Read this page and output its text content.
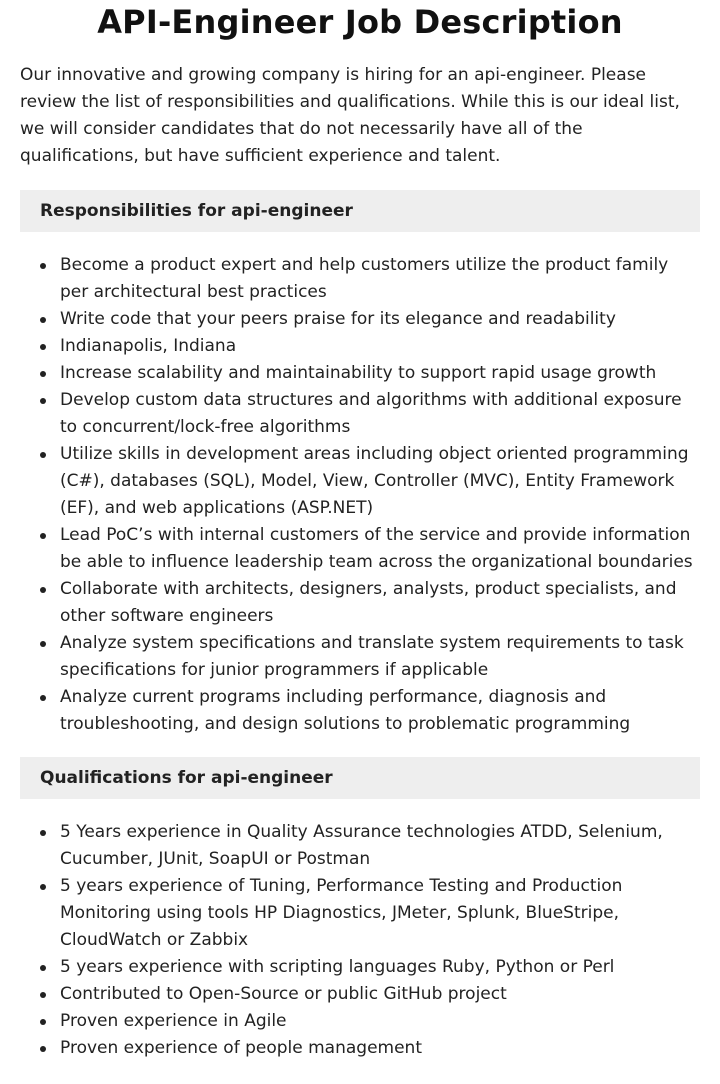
API-Engineer Job Description

Our innovative and growing company is hiring for an api-engineer. Please review the list of responsibilities and qualifications. While this is our ideal list, we will consider candidates that do not necessarily have all of the qualifications, but have sufficient experience and talent.

Responsibilities for api-engineer
Become a product expert and help customers utilize the product family per architectural best practices
Write code that your peers praise for its elegance and readability
Indianapolis, Indiana
Increase scalability and maintainability to support rapid usage growth
Develop custom data structures and algorithms with additional exposure to concurrent/lock-free algorithms
Utilize skills in development areas including object oriented programming (C#), databases (SQL), Model, View, Controller (MVC), Entity Framework (EF), and web applications (ASP.NET)
Lead PoC’s with internal customers of the service and provide information be able to influence leadership team across the organizational boundaries
Collaborate with architects, designers, analysts, product specialists, and other software engineers
Analyze system specifications and translate system requirements to task specifications for junior programmers if applicable
Analyze current programs including performance, diagnosis and troubleshooting, and design solutions to problematic programming
Qualifications for api-engineer
5 Years experience in Quality Assurance technologies ATDD, Selenium, Cucumber, JUnit, SoapUI or Postman
5 years experience of Tuning, Performance Testing and Production Monitoring using tools HP Diagnostics, JMeter, Splunk, BlueStripe, CloudWatch or Zabbix
5 years experience with scripting languages Ruby, Python or Perl
Contributed to Open-Source or public GitHub project
Proven experience in Agile
Proven experience of people management
